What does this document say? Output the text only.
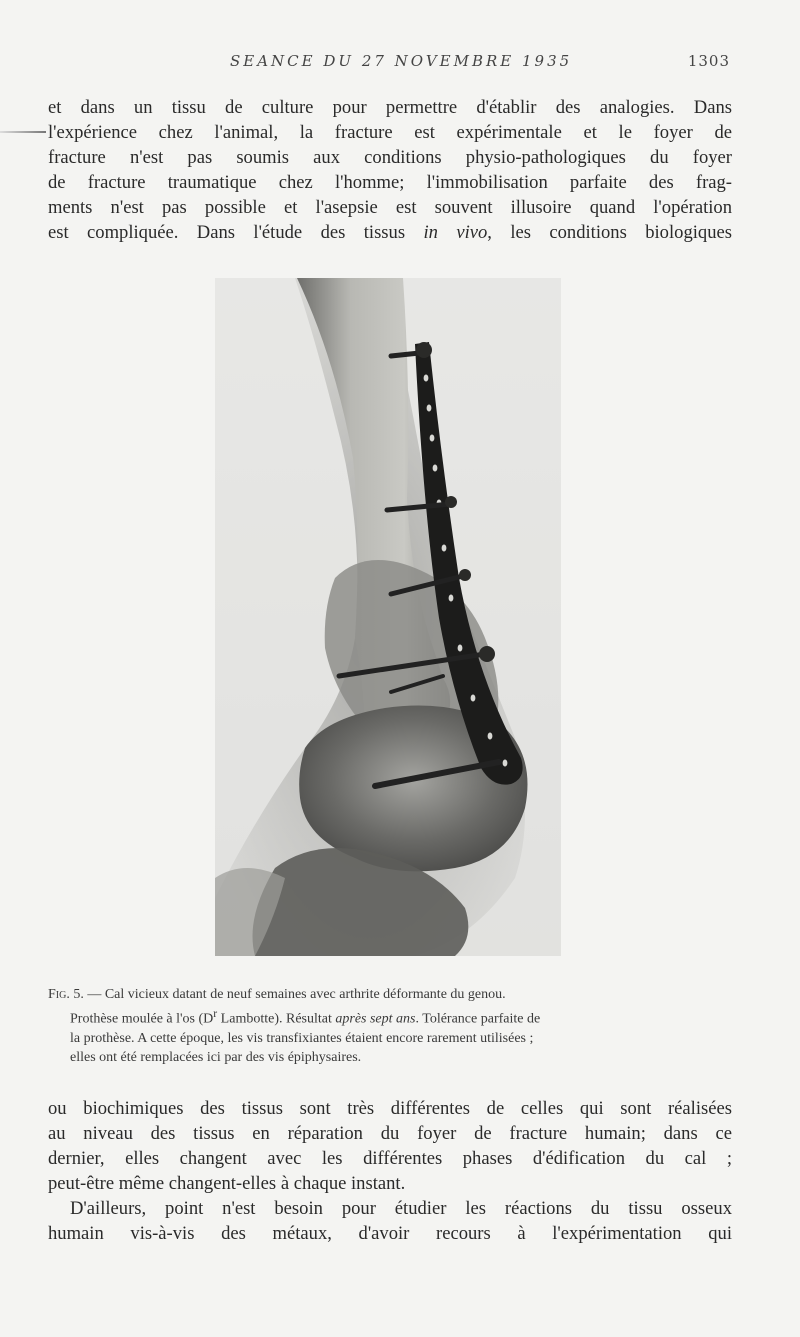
SEANCE DU 27 NOVEMBRE 1935	1303
et dans un tissu de culture pour permettre d'établir des analogies. Dans
l'expérience chez l'animal, la fracture est expérimentale et le foyer de
fracture n'est pas soumis aux conditions physio-pathologiques du foyer
de fracture traumatique chez l'homme; l'immobilisation parfaite des frag-
ments n'est pas possible et l'asepsie est souvent illusoire quand l'opération
est compliquée. Dans l'étude des tissus in vivo, les conditions biologiques
Fig. 5. — Cal vicieux datant de neuf semaines avec arthrite déformante du genou.
Prothèse moulée à l'os ($D^r$ Lambotte). Résultat après sept ans. Tolérance parfaite de
la prothèse. A cette époque, les vis transfixiantes étaient encore rarement utilisées ;
elles ont été remplacées ici par des vis épiphysaires.
ou biochimiques des tissus sont très différentes de celles qui sont réalisées
au niveau des tissus en réparation du foyer de fracture humain; dans ce
dernier, elles changent avec les différentes phases d'édification du cal ;
peut-être même changent-elles à chaque instant.
D'ailleurs, point n'est besoin pour étudier les réactions du tissu osseux
humain vis-à-vis des métaux, d'avoir recours à l'expérimentation qui
